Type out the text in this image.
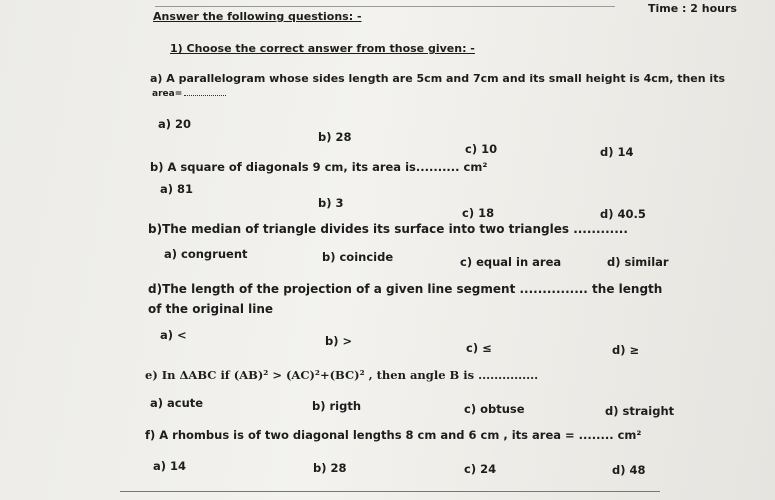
Time : 2 hours
Answer the following questions: -
1) Choose the correct answer from those given: -
a) A parallelogram whose sides length are 5cm and 7cm and its small height is 4cm, then its
area=
a) 20
b) 28
c) 10	d) 14
b) A square of diagonals 9 cm, its area is.......... cm²
a) 81
b) 3
c) 18	d) 40.5
b)The median of triangle divides its surface into two triangles ............
a) congruent	b) coincide	c) equal in area	d) similar
d)The length of the projection of a given line segment ............... the length
of the original line
a) <	b) >	c) ≤	d) ≥
e) In ΔABC if (AB)² > (AC)²+(BC)² , then angle B is ...............
a) acute	b) rigth	c) obtuse	d) straight
f) A rhombus is of two diagonal lengths 8 cm and 6 cm , its area = ........ cm²
a) 14	b) 28	c) 24	d) 48
